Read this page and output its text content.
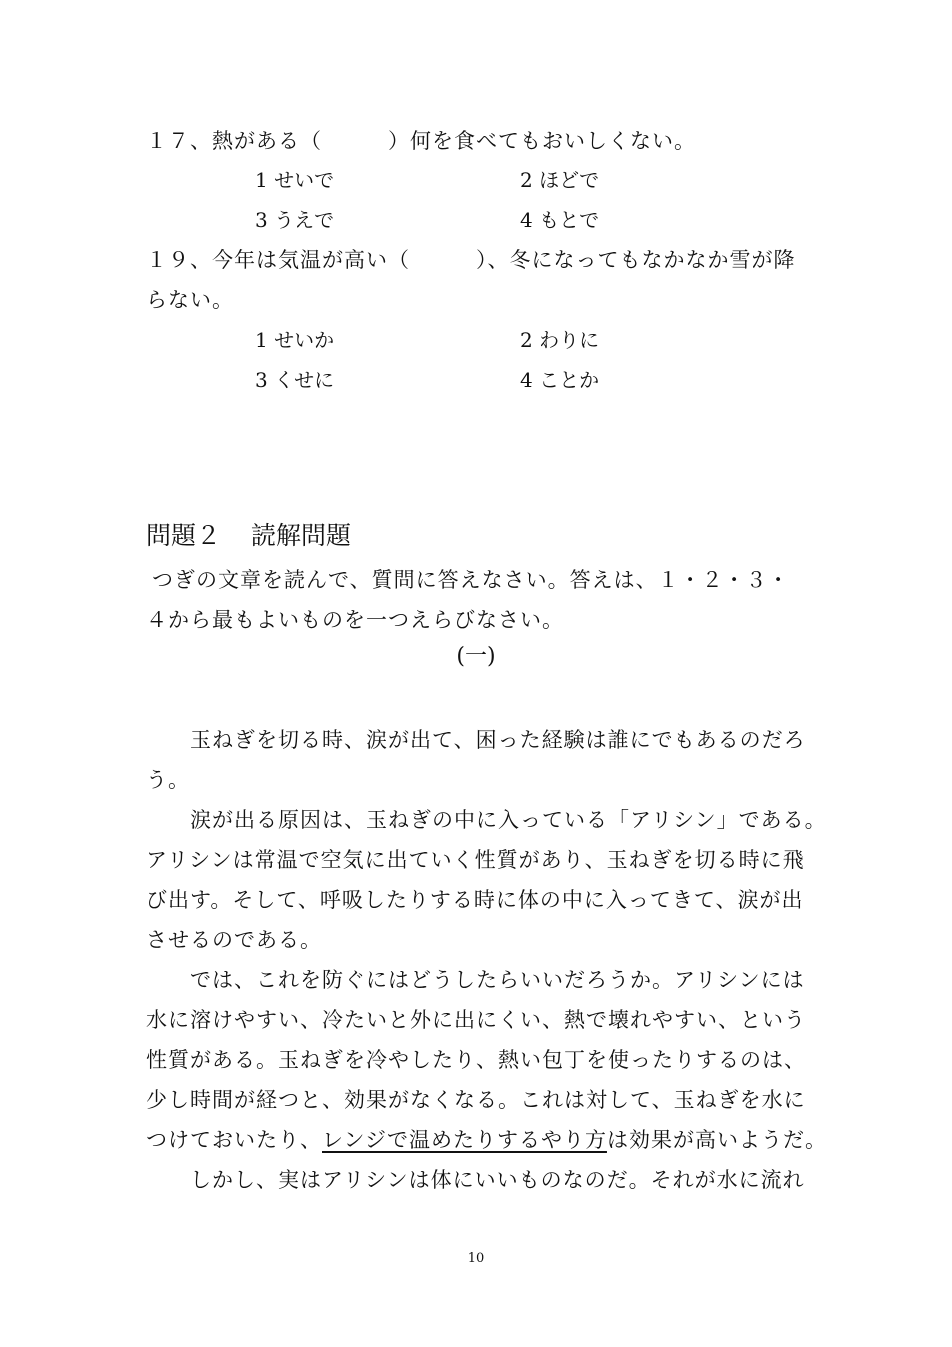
１７、熱がある（　　　）何を食べてもおいしくない。
1 せいで	2 ほどで
3 うえで	4 もとで
１９、今年は気温が高い（　　　）、冬になってもなかなか雪が降
らない。
1 せいか	2 わりに
3 くせに	4 ことか
問題２ 読解問題
つぎの文章を読んで、質問に答えなさい。答えは、１・２・３・
４から最もよいものを一つえらびなさい。
(一)
　　玉ねぎを切る時、涙が出て、困った経験は誰にでもあるのだろ
う。
　　涙が出る原因は、玉ねぎの中に入っている「アリシン」である。
アリシンは常温で空気に出ていく性質があり、玉ねぎを切る時に飛
び出す。そして、呼吸したりする時に体の中に入ってきて、涙が出
させるのである。
　　では、これを防ぐにはどうしたらいいだろうか。アリシンには
水に溶けやすい、冷たいと外に出にくい、熱で壊れやすい、という
性質がある。玉ねぎを冷やしたり、熱い包丁を使ったりするのは、
少し時間が経つと、効果がなくなる。これは対して、玉ねぎを水に
つけておいたり、レンジで温めたりするやり方は効果が高いようだ。
　　しかし、実はアリシンは体にいいものなのだ。それが水に流れ
10
